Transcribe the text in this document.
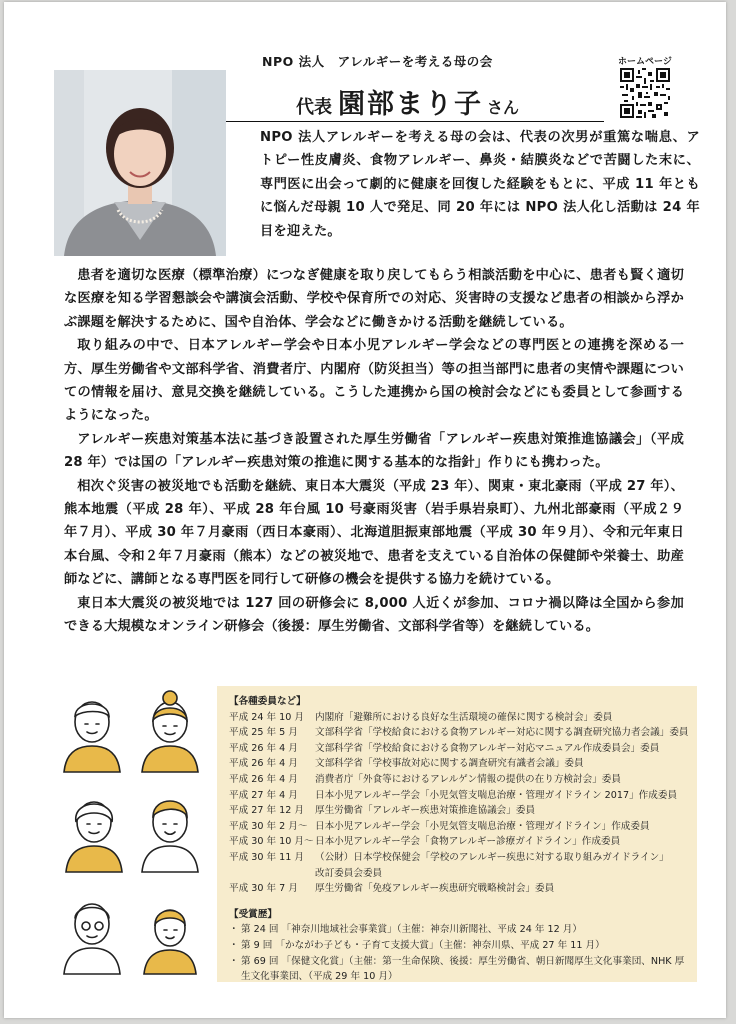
NPO 法人　アレルギーを考える母の会
代表 園部まり子 さん
ホームページ
NPO 法人アレルギーを考える母の会は、代表の次男が重篤な喘息、アトピー性皮膚炎、食物アレルギー、鼻炎・結膜炎などで苦闘した末に、専門医に出会って劇的に健康を回復した経験をもとに、平成 11 年ともに悩んだ母親 10 人で発足、同 20 年には NPO 法人化し活動は 24 年目を迎えた。

患者を適切な医療（標準治療）につなぎ健康を取り戻してもらう相談活動を中心に、患者も賢く適切な医療を知る学習懇談会や講演会活動、学校や保育所での対応、災害時の支援など患者の相談から浮かぶ課題を解決するために、国や自治体、学会などに働きかける活動を継続している。

取り組みの中で、日本アレルギー学会や日本小児アレルギー学会などの専門医との連携を深める一方、厚生労働省や文部科学省、消費者庁、内閣府（防災担当）等の担当部門に患者の実情や課題についての情報を届け、意見交換を継続している。こうした連携から国の検討会などにも委員として参画するようになった。

アレルギー疾患対策基本法に基づき設置された厚生労働省「アレルギー疾患対策推進協議会」（平成 28 年）では国の「アレルギー疾患対策の推進に関する基本的な指針」作りにも携わった。

相次ぐ災害の被災地でも活動を継続、東日本大震災（平成 23 年）、関東・東北豪雨（平成 27 年）、熊本地震（平成 28 年）、平成 28 年台風 10 号豪雨災害（岩手県岩泉町）、九州北部豪雨（平成２９年７月）、平成 30 年７月豪雨（西日本豪雨）、北海道胆振東部地震（平成 30 年９月）、令和元年東日本台風、令和２年７月豪雨（熊本）などの被災地で、患者を支えている自治体の保健師や栄養士、助産師などに、講師となる専門医を同行して研修の機会を提供する協力を続けている。

東日本大震災の被災地では 127 回の研修会に 8,000 人近くが参加、コロナ禍以降は全国から参加できる大規模なオンライン研修会（後援：厚生労働省、文部科学省等）を継続している。

【各種委員など】
平成 24 年 10 月	内閣府「避難所における良好な生活環境の確保に関する検討会」委員
平成 25 年 5 月	文部科学省「学校給食における食物アレルギー対応に関する調査研究協力者会議」委員
平成 26 年 4 月	文部科学省「学校給食における食物アレルギー対応マニュアル作成委員会」委員
平成 26 年 4 月	文部科学省「学校事故対応に関する調査研究有識者会議」委員
平成 26 年 4 月	消費者庁「外食等におけるアレルゲン情報の提供の在り方検討会」委員
平成 27 年 4 月	日本小児アレルギー学会「小児気管支喘息治療・管理ガイドライン 2017」作成委員
平成 27 年 12 月	厚生労働省「アレルギー疾患対策推進協議会」委員
平成 30 年 2 月～ 日本小児アレルギー学会「小児気管支喘息治療・管理ガイドライン」作成委員
平成 30 年 10 月～ 日本小児アレルギー学会「食物アレルギー診療ガイドライン」作成委員
平成 30 年 11 月	（公財）日本学校保健会「学校のアレルギー疾患に対する取り組みガイドライン」
改訂委員会委員
平成 30 年 7 月	厚生労働省「免疫アレルギー疾患研究戦略検討会」委員
【受賞歴】
・ 第 24 回 「神奈川地域社会事業賞」（主催：神奈川新聞社、平成 24 年 12 月）
・ 第 9 回 「かながわ子ども・子育て支援大賞」（主催：神奈川県、平成 27 年 11 月）
・ 第 69 回 「保健文化賞」（主催：第一生命保険、後援：厚生労働省、朝日新聞厚生文化事業団、NHK 厚生文化事業団、（平成 29 年 10 月）
